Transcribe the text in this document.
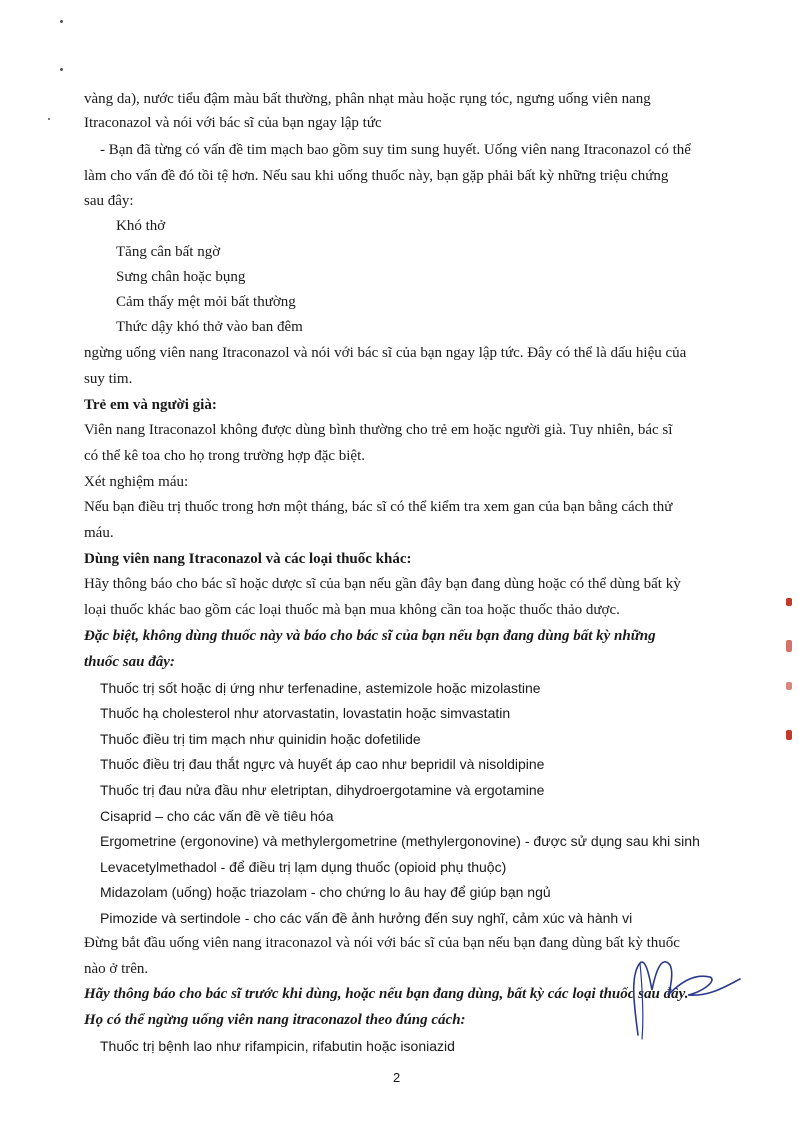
vàng da), nước tiểu đậm màu bất thường, phân nhạt màu hoặc rụng tóc, ngưng uống viên nang
Itraconazol và nói với bác sĩ của bạn ngay lập tức
- Bạn đã từng có vấn đề tim mạch bao gồm suy tim sung huyết. Uống viên nang Itraconazol có thể
làm cho vấn đề đó tồi tệ hơn. Nếu sau khi uống thuốc này, bạn gặp phải bất kỳ những triệu chứng
sau đây:
Khó thở
Tăng cân bất ngờ
Sưng chân hoặc bụng
Cảm thấy mệt mỏi bất thường
Thức dậy khó thở vào ban đêm
ngừng uống viên nang Itraconazol và nói với bác sĩ của bạn ngay lập tức. Đây có thể là dấu hiệu của
suy tim.
Trẻ em và người già:
Viên nang Itraconazol không được dùng bình thường cho trẻ em hoặc người già. Tuy nhiên, bác sĩ
có thể kê toa cho họ trong trường hợp đặc biệt.
Xét nghiệm máu:
Nếu bạn điều trị thuốc trong hơn một tháng, bác sĩ có thể kiểm tra xem gan của bạn bằng cách thử
máu.
Dùng viên nang Itraconazol và các loại thuốc khác:
Hãy thông báo cho bác sĩ hoặc dược sĩ của bạn nếu gần đây bạn đang dùng hoặc có thể dùng bất kỳ
loại thuốc khác bao gồm các loại thuốc mà bạn mua không cần toa hoặc thuốc thảo dược.
Đặc biệt, không dùng thuốc này và báo cho bác sĩ của bạn nếu bạn đang dùng bất kỳ những
thuốc sau đây:
Thuốc trị sốt hoặc dị ứng như terfenadine, astemizole hoặc mizolastine
Thuốc hạ cholesterol như atorvastatin, lovastatin hoặc simvastatin
Thuốc điều trị tim mạch như quinidin hoặc dofetilide
Thuốc điều trị đau thắt ngực và huyết áp cao như bepridil và nisoldipine
Thuốc trị đau nửa đầu như eletriptan, dihydroergotamine và ergotamine
Cisaprid – cho các vấn đề về tiêu hóa
Ergometrine (ergonovine) và methylergometrine (methylergonovine) - được sử dụng sau khi sinh
Levacetylmethadol - để điều trị lạm dụng thuốc (opioid phụ thuộc)
Midazolam (uống) hoặc triazolam - cho chứng lo âu hay để giúp bạn ngủ
Pimozide và sertindole - cho các vấn đề ảnh hưởng đến suy nghĩ, cảm xúc và hành vi
Đừng bắt đầu uống viên nang itraconazol và nói với bác sĩ của bạn nếu bạn đang dùng bất kỳ thuốc
nào ở trên.
Hãy thông báo cho bác sĩ trước khi dùng, hoặc nếu bạn đang dùng, bất kỳ các loại thuốc sau đây.
Họ có thể ngừng uống viên nang itraconazol theo đúng cách:
Thuốc trị bệnh lao như rifampicin, rifabutin hoặc isoniazid
2
